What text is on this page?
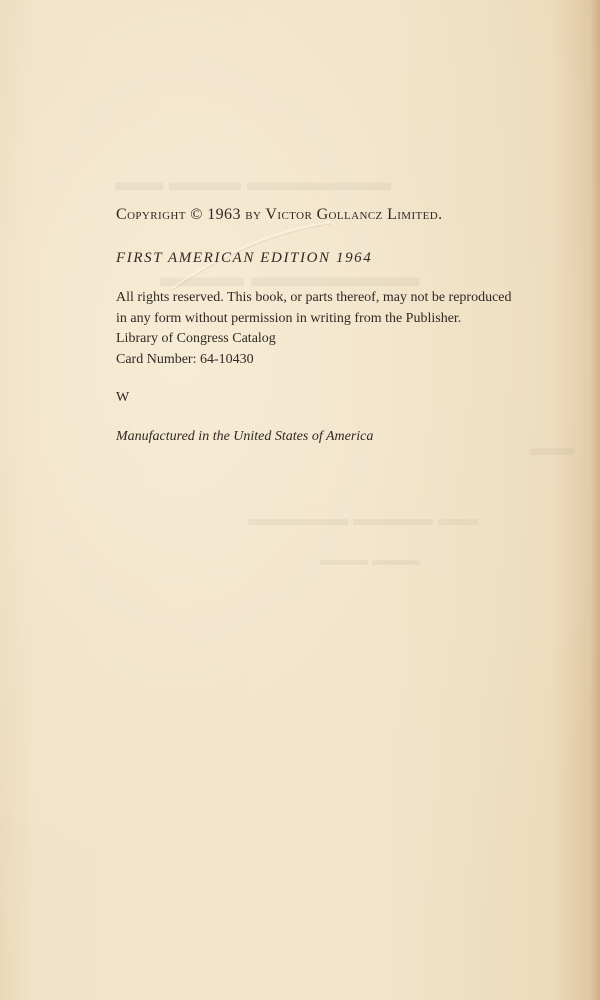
▬▬ ▬▬▬ ▬▬▬▬▬▬
▬▬▬ ▬▬▬▬▬▬
▬▬▬▬▬ ▬▬▬▬ ▬▬
▬▬▬ ▬▬▬
▬▬

Copyright © 1963 by Victor Gollancz Limited.

FIRST AMERICAN EDITION 1964
All rights reserved. This book, or parts thereof, may not be reproduced
in any form without permission in writing from the Publisher.
Library of Congress Catalog
Card Number: 64-10430
W
Manufactured in the United States of America
